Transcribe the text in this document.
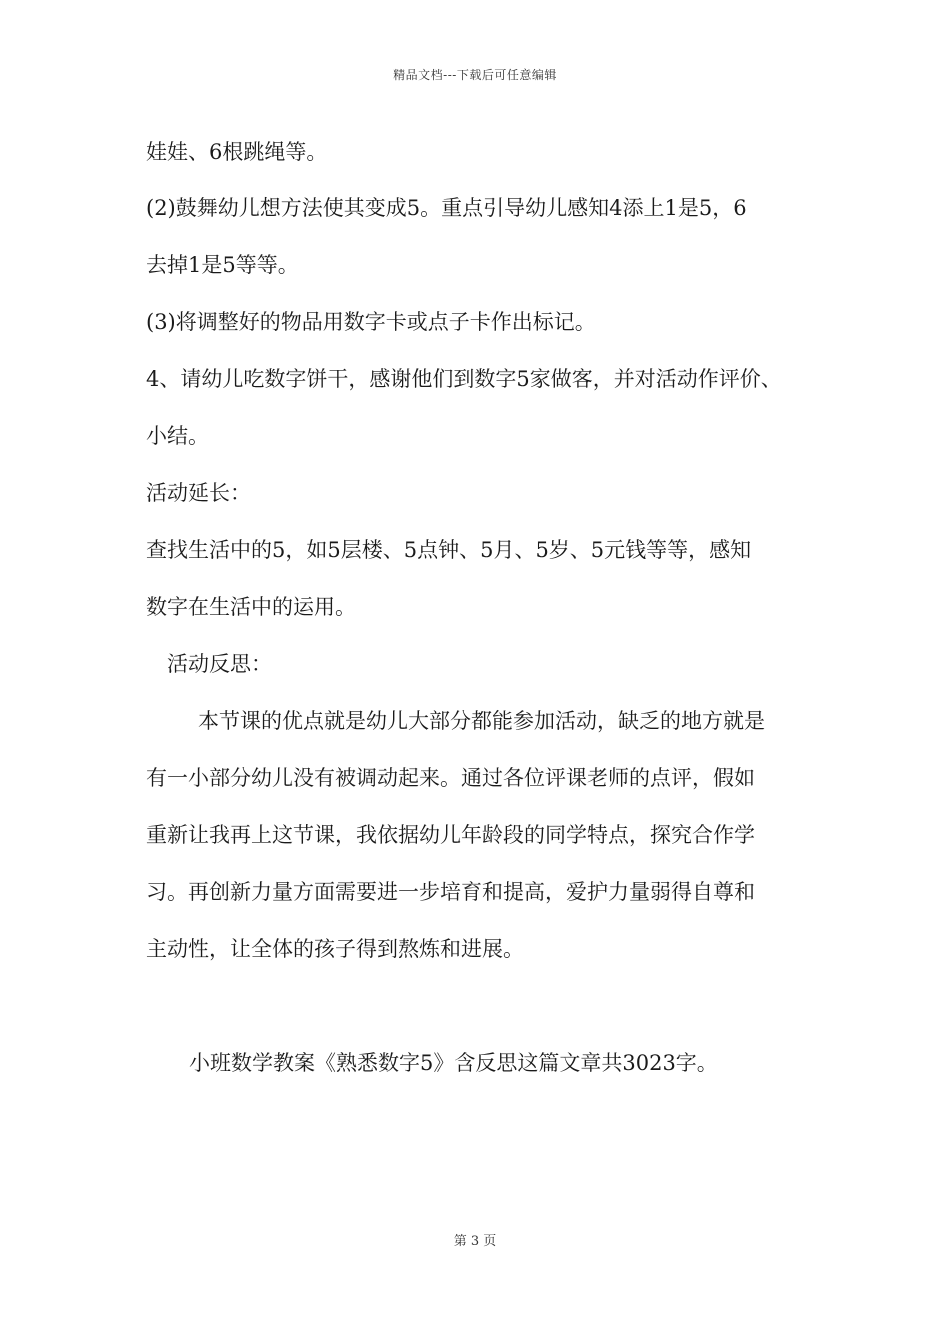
精品文档---下载后可任意编辑
娃娃、6根跳绳等。
(2)鼓舞幼儿想方法使其变成5。重点引导幼儿感知4添上1是5，6
去掉1是5等等。
(3)将调整好的物品用数字卡或点子卡作出标记。
4、请幼儿吃数字饼干，感谢他们到数字5家做客，并对活动作评价、
小结。
活动延长：
查找生活中的5，如5层楼、5点钟、5月、5岁、5元钱等等，感知
数字在生活中的运用。
活动反思：
本节课的优点就是幼儿大部分都能参加活动，缺乏的地方就是
有一小部分幼儿没有被调动起来。通过各位评课老师的点评，假如
重新让我再上这节课，我依据幼儿年龄段的同学特点，探究合作学
习。再创新力量方面需要进一步培育和提高，爱护力量弱得自尊和
主动性，让全体的孩子得到熬炼和进展。
小班数学教案《熟悉数字5》含反思这篇文章共3023字。
第 3 页
